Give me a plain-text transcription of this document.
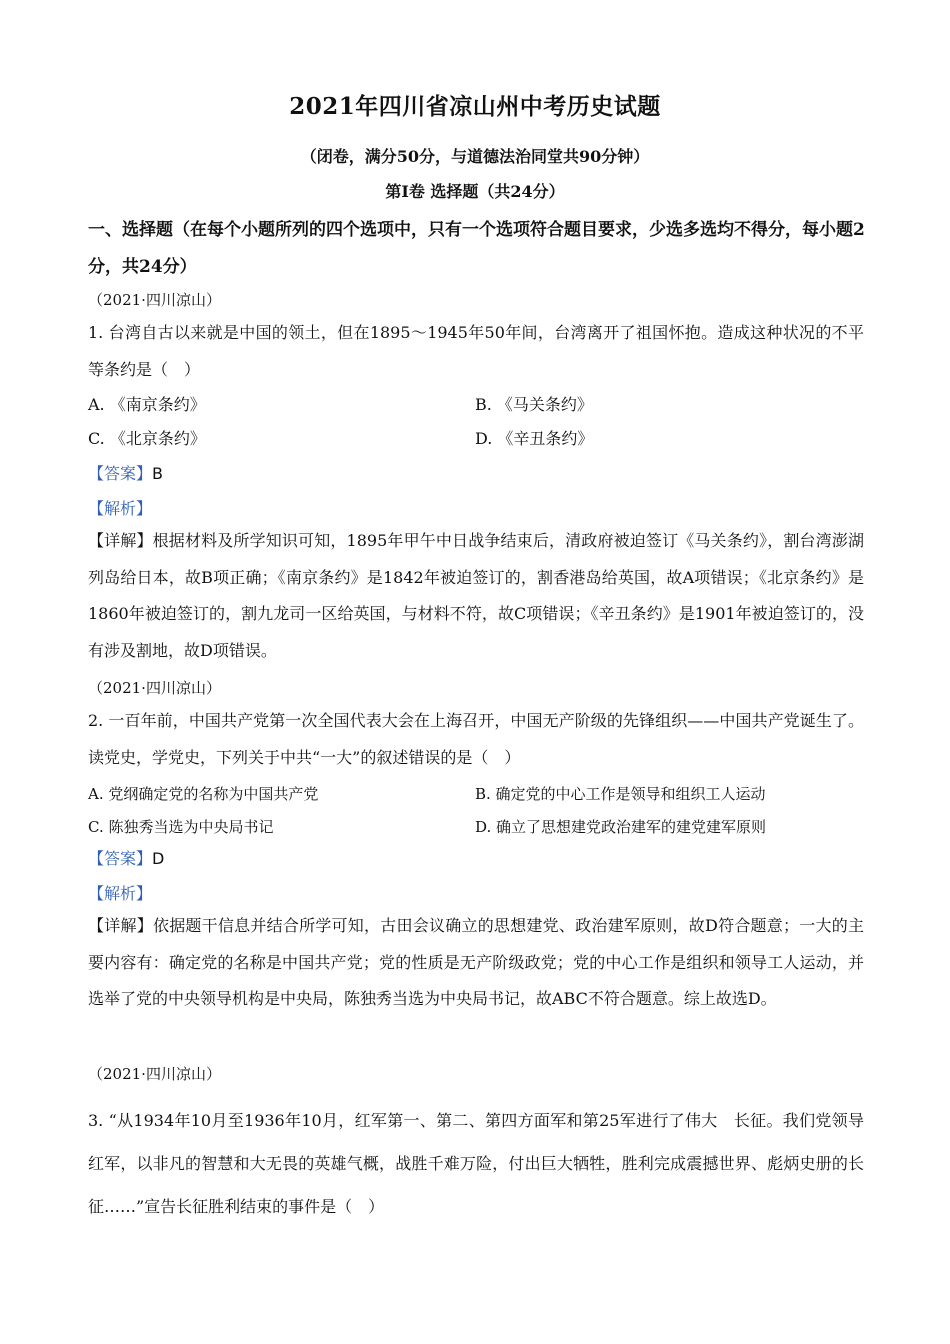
2021年四川省凉山州中考历史试题
（闭卷，满分50分，与道德法治同堂共90分钟）
第Ⅰ卷 选择题（共24分）
一、选择题（在每个小题所列的四个选项中，只有一个选项符合题目要求，少选多选均不得分，每小题2分，共24分）
（2021·四川凉山）
1. 台湾自古以来就是中国的领土，但在1895～1945年50年间，台湾离开了祖国怀抱。造成这种状况的不平等条约是（　）
A. 《南京条约》	B. 《马关条约》
C. 《北京条约》	D. 《辛丑条约》
【答案】B
【解析】
【详解】根据材料及所学知识可知，1895年甲午中日战争结束后，清政府被迫签订《马关条约》，割台湾澎湖列岛给日本，故B项正确；《南京条约》是1842年被迫签订的，割香港岛给英国，故A项错误；《北京条约》是1860年被迫签订的，割九龙司一区给英国，与材料不符，故C项错误；《辛丑条约》是1901年被迫签订的，没有涉及割地，故D项错误。
（2021·四川凉山）
2. 一百年前，中国共产党第一次全国代表大会在上海召开，中国无产阶级的先锋组织——中国共产党诞生了。读党史，学党史，下列关于中共“一大”的叙述错误的是（　）
A. 党纲确定党的名称为中国共产党	B. 确定党的中心工作是领导和组织工人运动
C. 陈独秀当选为中央局书记	D. 确立了思想建党政治建军的建党建军原则
【答案】D
【解析】
【详解】依据题干信息并结合所学可知，古田会议确立的思想建党、政治建军原则，故D符合题意；一大的主要内容有：确定党的名称是中国共产党；党的性质是无产阶级政党；党的中心工作是组织和领导工人运动，并选举了党的中央领导机构是中央局，陈独秀当选为中央局书记，故ABC不符合题意。综上故选D。
（2021·四川凉山）
3. “从1934年10月至1936年10月，红军第一、第二、第四方面军和第25军进行了伟大　长征。我们党领导红军，以非凡的智慧和大无畏的英雄气概，战胜千难万险，付出巨大牺牲，胜利完成震撼世界、彪炳史册的长征……”宣告长征胜利结束的事件是（　）
